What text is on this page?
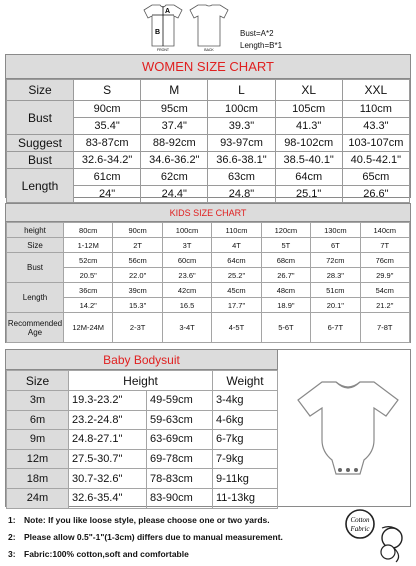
FRONT	BACK
A
B	Bust=A*2
Length=B*1
WOMEN SIZE CHART
Size	S	M	L	XL	XXL
Bust	90cm	95cm	100cm	105cm	110cm
	35.4"	37.4"	39.3"	41.3"	43.3"
Suggest	83-87cm	88-92cm	93-97cm	98-102cm	103-107cm
Bust	32.6-34.2"	34.6-36.2"	36.6-38.1"	38.5-40.1"	40.5-42.1"
Length	61cm	62cm	63cm	64cm	65cm
	24"	24.4"	24.8"	25.1"	26.6"
KIDS SIZE CHART
height	80cm	90cm	100cm	110cm	120cm	130cm	140cm
Size	1-12M	2T	3T	4T	5T	6T	7T
Bust	52cm	56cm	60cm	64cm	68cm	72cm	76cm
	20.5"	22.0"	23.6"	25.2"	26.7"	28.3"	29.9"
Length	36cm	39cm	42cm	45cm	48cm	51cm	54cm
	14.2"	15.3"	16.5	17.7"	18.9"	20.1"	21.2"
Recommended
Age	12M-24M	2-3T	3-4T	4-5T	5-6T	6-7T	7-8T
Baby Bodysuit
Size	Height		Weight
3m	19.3-23.2"	49-59cm	3-4kg
6m	23.2-24.8"	59-63cm	4-6kg
9m	24.8-27.1"	63-69cm	6-7kg
12m	27.5-30.7"	69-78cm	7-9kg
18m	30.7-32.6"	78-83cm	9-11kg
24m	32.6-35.4"	83-90cm	11-13kg
1: Note: If you like loose style, please choose one or two yards.
2: Please allow 0.5"-1"(1-3cm) differs due to manual measurement.
3: Fabric:100% cotton,soft and comfortable
Cotton
Fabric
